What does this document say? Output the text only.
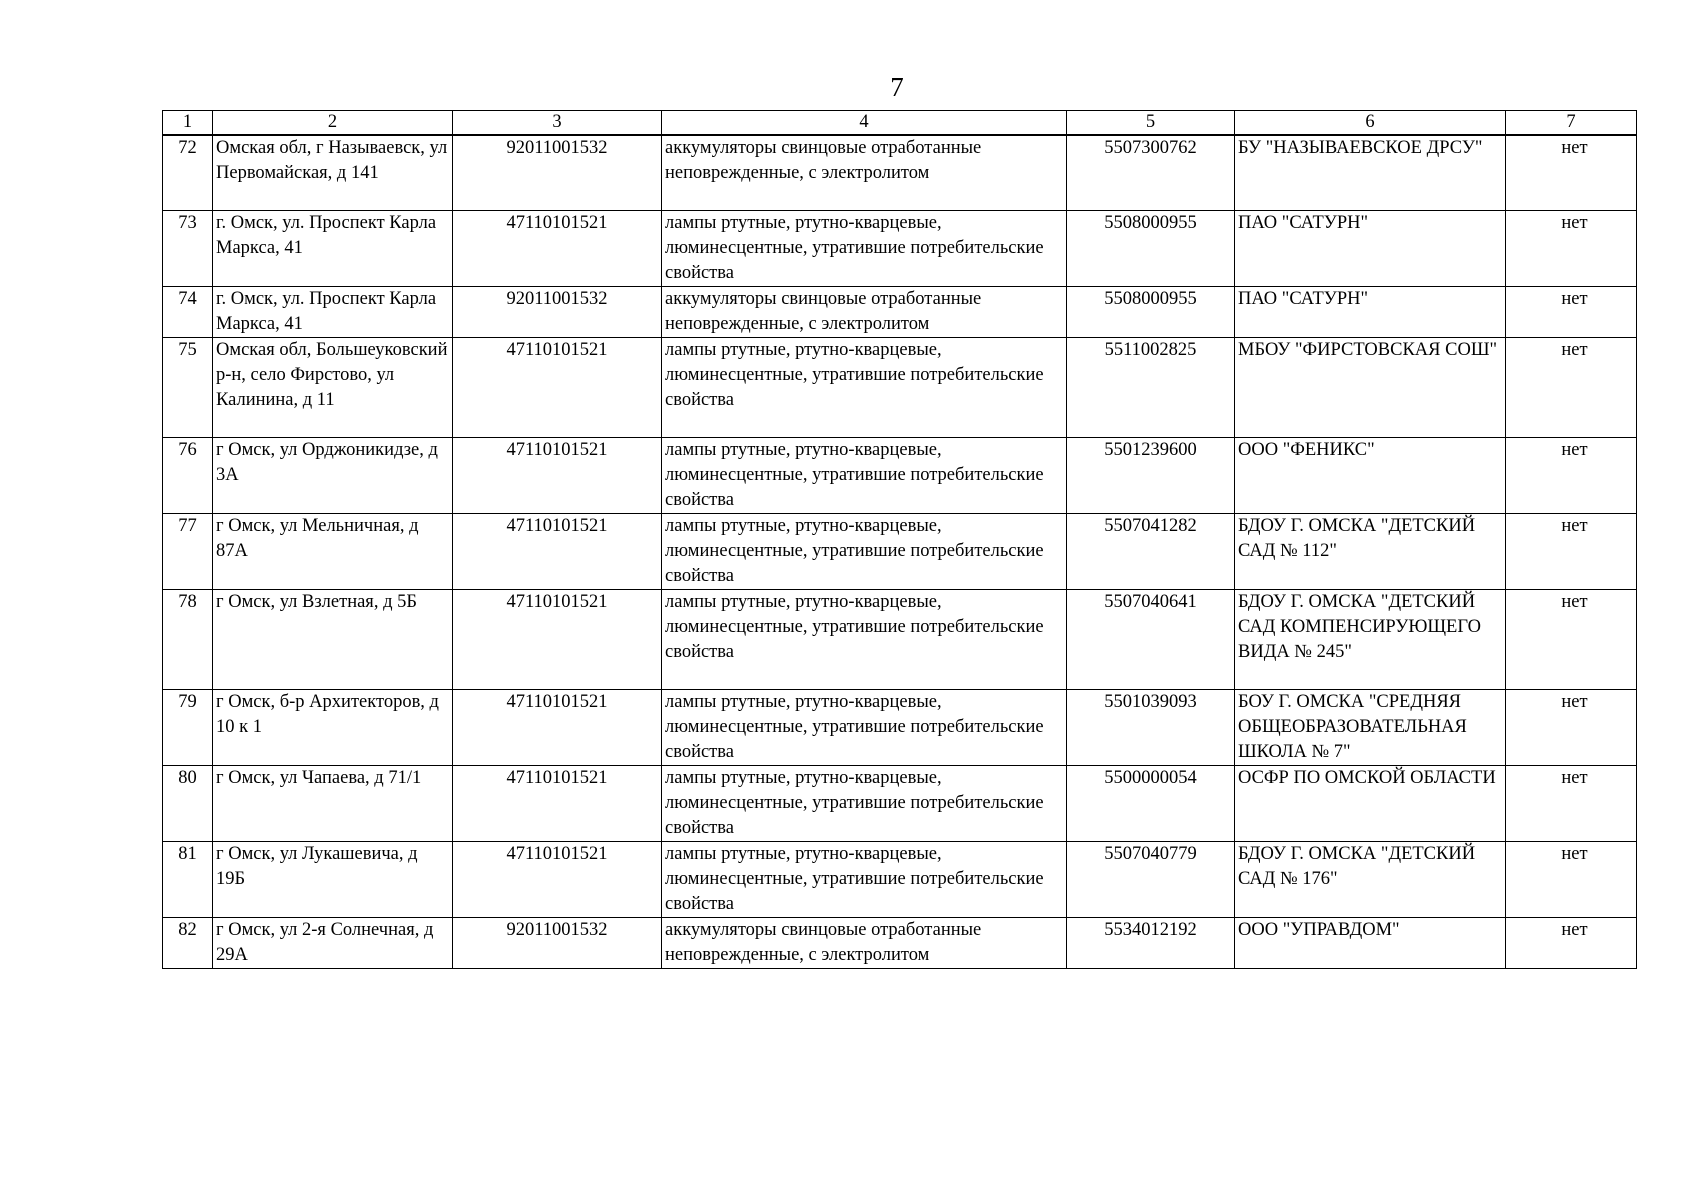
7
1	2	3	4	5	6	7
72	Омская обл, г Называевск, ул Первомайская, д 141	92011001532	аккумуляторы свинцовые отработанные неповрежденные, с электролитом	5507300762	БУ "НАЗЫВАЕВСКОЕ ДРСУ"	нет
73	г. Омск, ул. Проспект Карла Маркса, 41	47110101521	лампы ртутные, ртутно-кварцевые, люминесцентные, утратившие потребительские свойства	5508000955	ПАО "САТУРН"	нет
74	г. Омск, ул. Проспект Карла Маркса, 41	92011001532	аккумуляторы свинцовые отработанные неповрежденные, с электролитом	5508000955	ПАО "САТУРН"	нет
75	Омская обл, Большеуковский р-н, село Фирстово, ул Калинина, д 11	47110101521	лампы ртутные, ртутно-кварцевые, люминесцентные, утратившие потребительские свойства	5511002825	МБОУ "ФИРСТОВСКАЯ СОШ"	нет
76	г Омск, ул Орджоникидзе, д 3А	47110101521	лампы ртутные, ртутно-кварцевые, люминесцентные, утратившие потребительские свойства	5501239600	ООО "ФЕНИКС"	нет
77	г Омск, ул Мельничная, д 87А	47110101521	лампы ртутные, ртутно-кварцевые, люминесцентные, утратившие потребительские свойства	5507041282	БДОУ Г. ОМСКА "ДЕТСКИЙ САД № 112"	нет
78	г Омск, ул Взлетная, д 5Б	47110101521	лампы ртутные, ртутно-кварцевые, люминесцентные, утратившие потребительские свойства	5507040641	БДОУ Г. ОМСКА "ДЕТСКИЙ САД КОМПЕНСИРУЮЩЕГО ВИДА № 245"	нет
79	г Омск, б-р Архитекторов, д 10 к 1	47110101521	лампы ртутные, ртутно-кварцевые, люминесцентные, утратившие потребительские свойства	5501039093	БОУ Г. ОМСКА "СРЕДНЯЯ ОБЩЕОБРАЗОВАТЕЛЬНАЯ ШКОЛА № 7"	нет
80	г Омск, ул Чапаева, д 71/1	47110101521	лампы ртутные, ртутно-кварцевые, люминесцентные, утратившие потребительские свойства	5500000054	ОСФР ПО ОМСКОЙ ОБЛАСТИ	нет
81	г Омск, ул Лукашевича, д 19Б	47110101521	лампы ртутные, ртутно-кварцевые, люминесцентные, утратившие потребительские свойства	5507040779	БДОУ Г. ОМСКА "ДЕТСКИЙ САД № 176"	нет
82	г Омск, ул 2-я Солнечная, д 29А	92011001532	аккумуляторы свинцовые отработанные неповрежденные, с электролитом	5534012192	ООО "УПРАВДОМ"	нет
